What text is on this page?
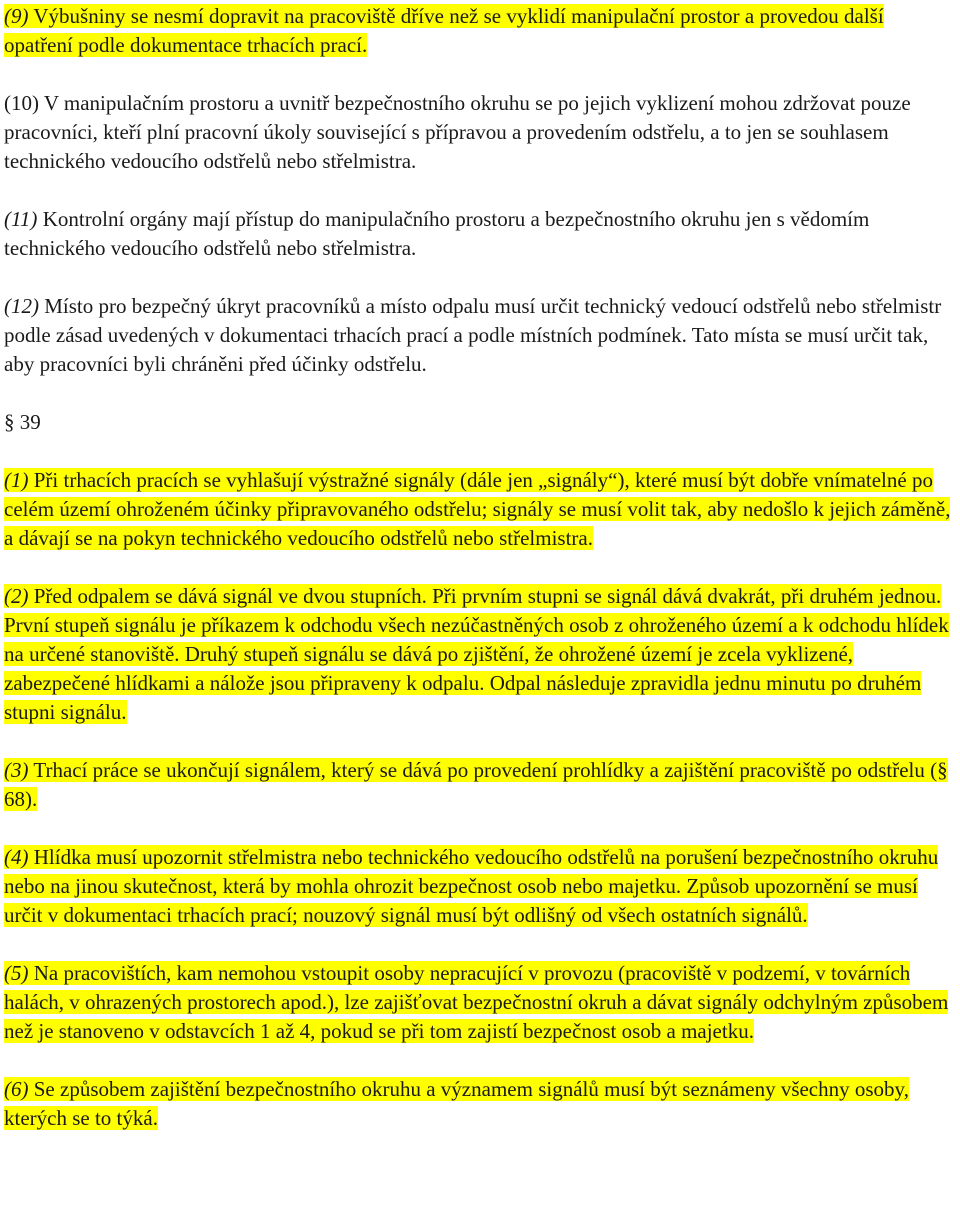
(9) Výbušniny se nesmí dopravit na pracoviště dříve než se vyklidí manipulační prostor a provedou další opatření podle dokumentace trhacích prací.

(10) V manipulačním prostoru a uvnitř bezpečnostního okruhu se po jejich vyklizení mohou zdržovat pouze pracovníci, kteří plní pracovní úkoly související s přípravou a provedením odstřelu, a to jen se souhlasem technického vedoucího odstřelů nebo střelmistra.

(11) Kontrolní orgány mají přístup do manipulačního prostoru a bezpečnostního okruhu jen s vědomím technického vedoucího odstřelů nebo střelmistra.

(12) Místo pro bezpečný úkryt pracovníků a místo odpalu musí určit technický vedoucí odstřelů nebo střelmistr podle zásad uvedených v dokumentaci trhacích prací a podle místních podmínek. Tato místa se musí určit tak, aby pracovníci byli chráněni před účinky odstřelu.

§ 39

(1) Při trhacích pracích se vyhlašují výstražné signály (dále jen „signály“), které musí být dobře vnímatelné po celém území ohroženém účinky připravovaného odstřelu; signály se musí volit tak, aby nedošlo k jejich záměně, a dávají se na pokyn technického vedoucího odstřelů nebo střelmistra.

(2) Před odpalem se dává signál ve dvou stupních. Při prvním stupni se signál dává dvakrát, při druhém jednou. První stupeň signálu je příkazem k odchodu všech nezúčastněných osob z ohroženého území a k odchodu hlídek na určené stanoviště. Druhý stupeň signálu se dává po zjištění, že ohrožené území je zcela vyklizené, zabezpečené hlídkami a nálože jsou připraveny k odpalu. Odpal následuje zpravidla jednu minutu po druhém stupni signálu.

(3) Trhací práce se ukončují signálem, který se dává po provedení prohlídky a zajištění pracoviště po odstřelu (§ 68).

(4) Hlídka musí upozornit střelmistra nebo technického vedoucího odstřelů na porušení bezpečnostního okruhu nebo na jinou skutečnost, která by mohla ohrozit bezpečnost osob nebo majetku. Způsob upozornění se musí určit v dokumentaci trhacích prací; nouzový signál musí být odlišný od všech ostatních signálů.

(5) Na pracovištích, kam nemohou vstoupit osoby nepracující v provozu (pracoviště v podzemí, v továrních halách, v ohrazených prostorech apod.), lze zajišťovat bezpečnostní okruh a dávat signály odchylným způsobem než je stanoveno v odstavcích 1 až 4, pokud se při tom zajistí bezpečnost osob a majetku.

(6) Se způsobem zajištění bezpečnostního okruhu a významem signálů musí být seznámeny všechny osoby, kterých se to týká.
